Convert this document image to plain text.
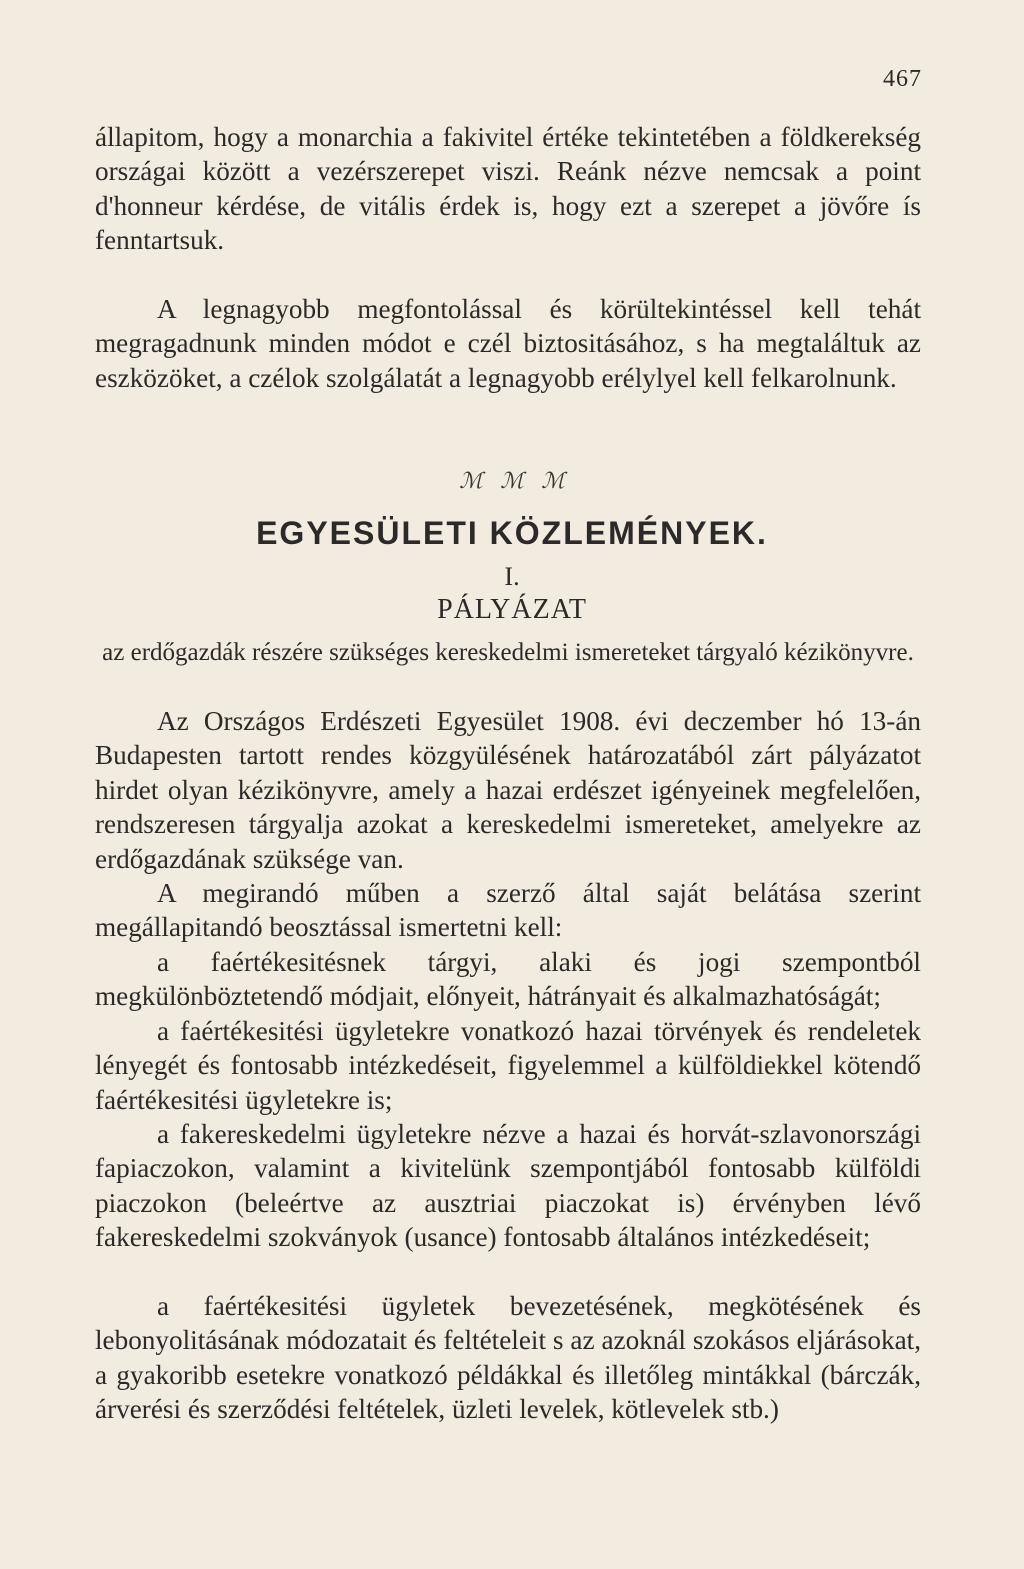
467

állapitom, hogy a monarchia a fakivitel értéke tekintetében a földkerekség országai között a vezérszerepet viszi. Reánk nézve nemcsak a point d'honneur kérdése, de vitális érdek is, hogy ezt a szerepet a jövőre ís fenntartsuk.

A legnagyobb megfontolással és körültekintéssel kell tehát megragadnunk minden módot e czél biztositásához, s ha megtaláltuk az eszközöket, a czélok szolgálatát a legnagyobb erélylyel kell felkarolnunk.

ℳ ℳ ℳ
EGYESÜLETI KÖZLEMÉNYEK.
I.
PÁLYÁZAT

az erdőgazdák részére szükséges kereskedelmi ismereteket tárgyaló kézikönyvre.

Az Országos Erdészeti Egyesület 1908. évi deczember hó 13-án Budapesten tartott rendes közgyülésének határozatából zárt pályázatot hirdet olyan kézikönyvre, amely a hazai erdészet igényeinek megfelelően, rendszeresen tárgyalja azokat a kereskedelmi ismereteket, amelyekre az erdőgazdának szüksége van.

A megirandó műben a szerző által saját belátása szerint megállapitandó beosztással ismertetni kell:

a faértékesitésnek tárgyi, alaki és jogi szempontból megkülönböztetendő módjait, előnyeit, hátrányait és alkalmazhatóságát;

a faértékesitési ügyletekre vonatkozó hazai törvények és rendeletek lényegét és fontosabb intézkedéseit, figyelemmel a külföldiekkel kötendő faértékesitési ügyletekre is;

a fakereskedelmi ügyletekre nézve a hazai és horvát-szlavonországi fapiaczokon, valamint a kivitelünk szempontjából fontosabb külföldi piaczokon (beleértve az ausztriai piaczokat is) érvényben lévő fakereskedelmi szokványok (usance) fontosabb általános intézkedéseit;

a faértékesitési ügyletek bevezetésének, megkötésének és lebonyolitásának módozatait és feltételeit s az azoknál szokásos eljárásokat, a gyakoribb esetekre vonatkozó példákkal és illetőleg mintákkal (bárczák, árverési és szerződési feltételek, üzleti levelek, kötlevelek stb.)
